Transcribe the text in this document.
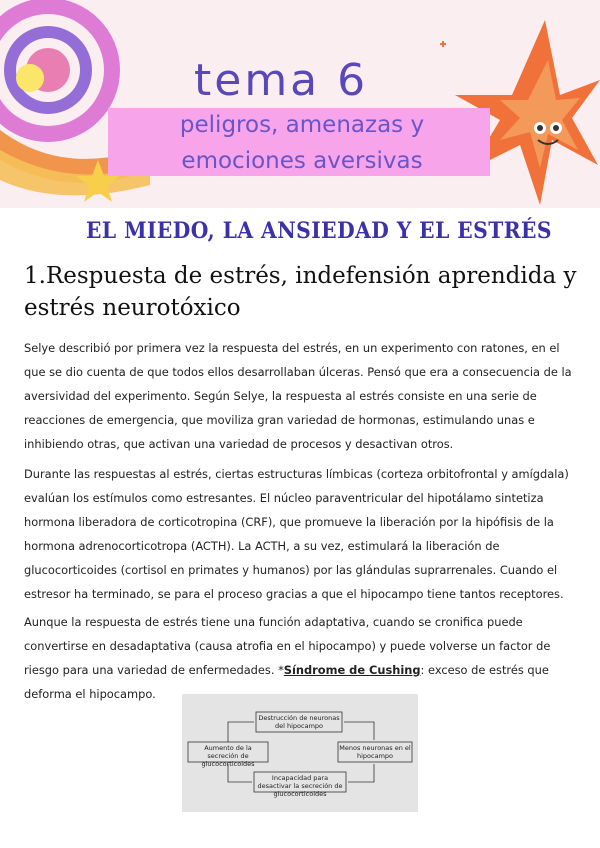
tema 6
peligros, amenazas y
emociones aversivas
EL MIEDO, LA ANSIEDAD Y EL ESTRÉS
1.Respuesta de estrés, indefensión aprendida y estrés neurotóxico
Selye describió por primera vez la respuesta del estrés, en un experimento con ratones, en el que se dio cuenta de que todos ellos desarrollaban úlceras. Pensó que era a consecuencia de la aversividad del experimento. Según Selye, la respuesta al estrés consiste en una serie de reacciones de emergencia, que moviliza gran variedad de hormonas, estimulando unas e inhibiendo otras, que activan una variedad de procesos y desactivan otros.
Durante las respuestas al estrés, ciertas estructuras límbicas (corteza orbitofrontal y amígdala) evalúan los estímulos como estresantes. El núcleo paraventricular del hipotálamo sintetiza hormona liberadora de corticotropina (CRF), que promueve la liberación por la hipófisis de la hormona adrenocorticotropa (ACTH). La ACTH, a su vez, estimulará la liberación de glucocorticoides (cortisol en primates y humanos) por las glándulas suprarrenales. Cuando el estresor ha terminado, se para el proceso gracias a que el hipocampo tiene tantos receptores.
Aunque la respuesta de estrés tiene una función adaptativa, cuando se cronifica puede convertirse en desadaptativa (causa atrofia en el hipocampo) y puede volverse un factor de riesgo para una variedad de enfermedades. *Síndrome de Cushing: exceso de estrés que deforma el hipocampo.
Destrucción de neuronas del hipocampo
Aumento de la secreción de glucocorticoides
Menos neuronas en el hipocampo
Incapacidad para desactivar la secreción de glucocorticoides
